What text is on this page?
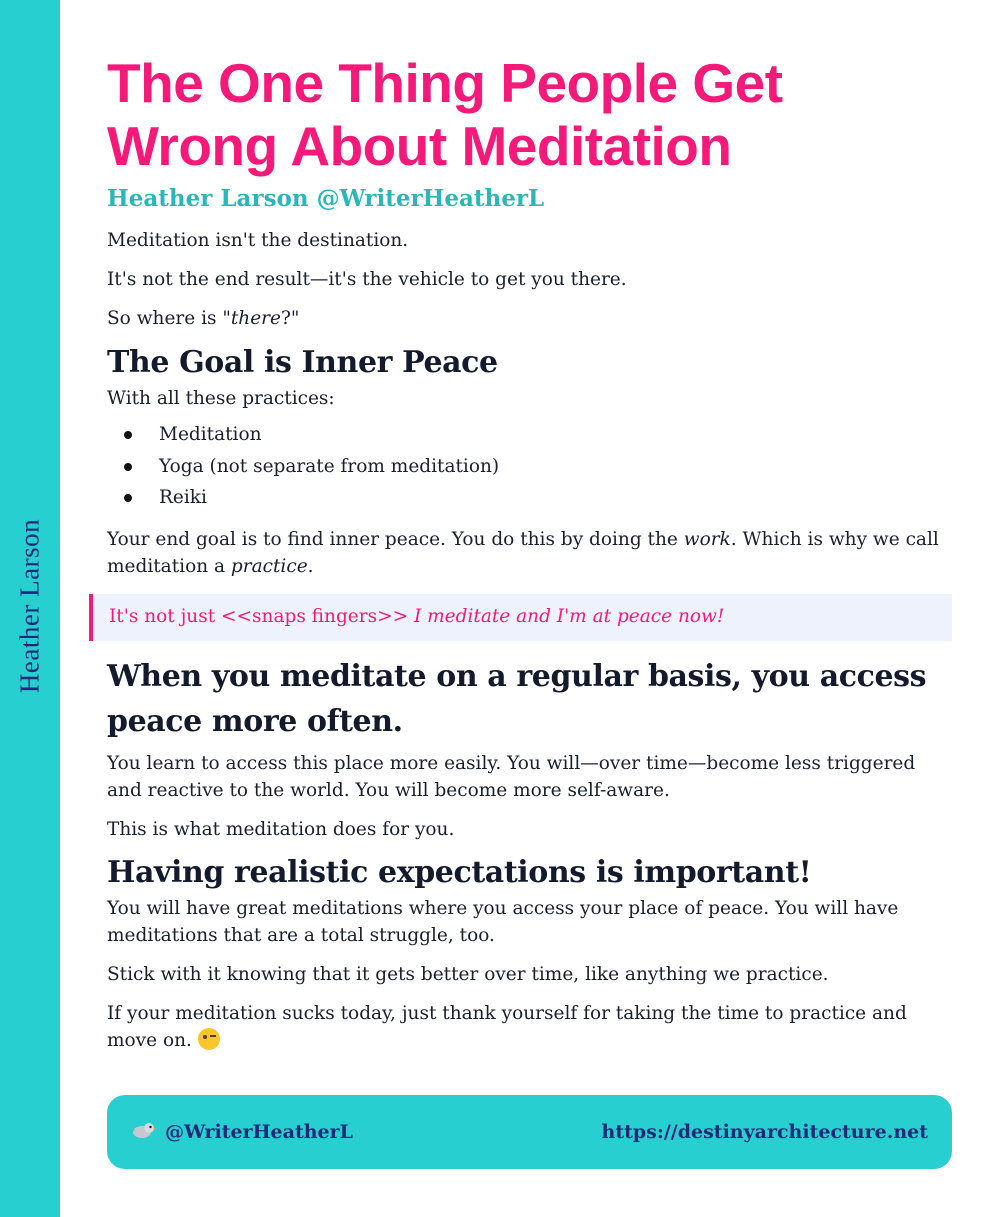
Heather Larson
The One Thing People Get Wrong About Meditation
Heather Larson @WriterHeatherL

Meditation isn't the destination.

It's not the end result—it's the vehicle to get you there.

So where is "there?"

The Goal is Inner Peace

With all these practices:

Meditation
Yoga (not separate from meditation)
Reiki

Your end goal is to find inner peace. You do this by doing the work. Which is why we call meditation a practice.

It's not just <<snaps fingers>> I meditate and I'm at peace now!
When you meditate on a regular basis, you access peace more often.

You learn to access this place more easily. You will—over time—become less triggered and reactive to the world. You will become more self-aware.

This is what meditation does for you.

Having realistic expectations is important!

You will have great meditations where you access your place of peace. You will have meditations that are a total struggle, too.

Stick with it knowing that it gets better over time, like anything we practice.

If your meditation sucks today, just thank yourself for taking the time to practice and move on.

@WriterHeatherL	https://destinyarchitecture.net
